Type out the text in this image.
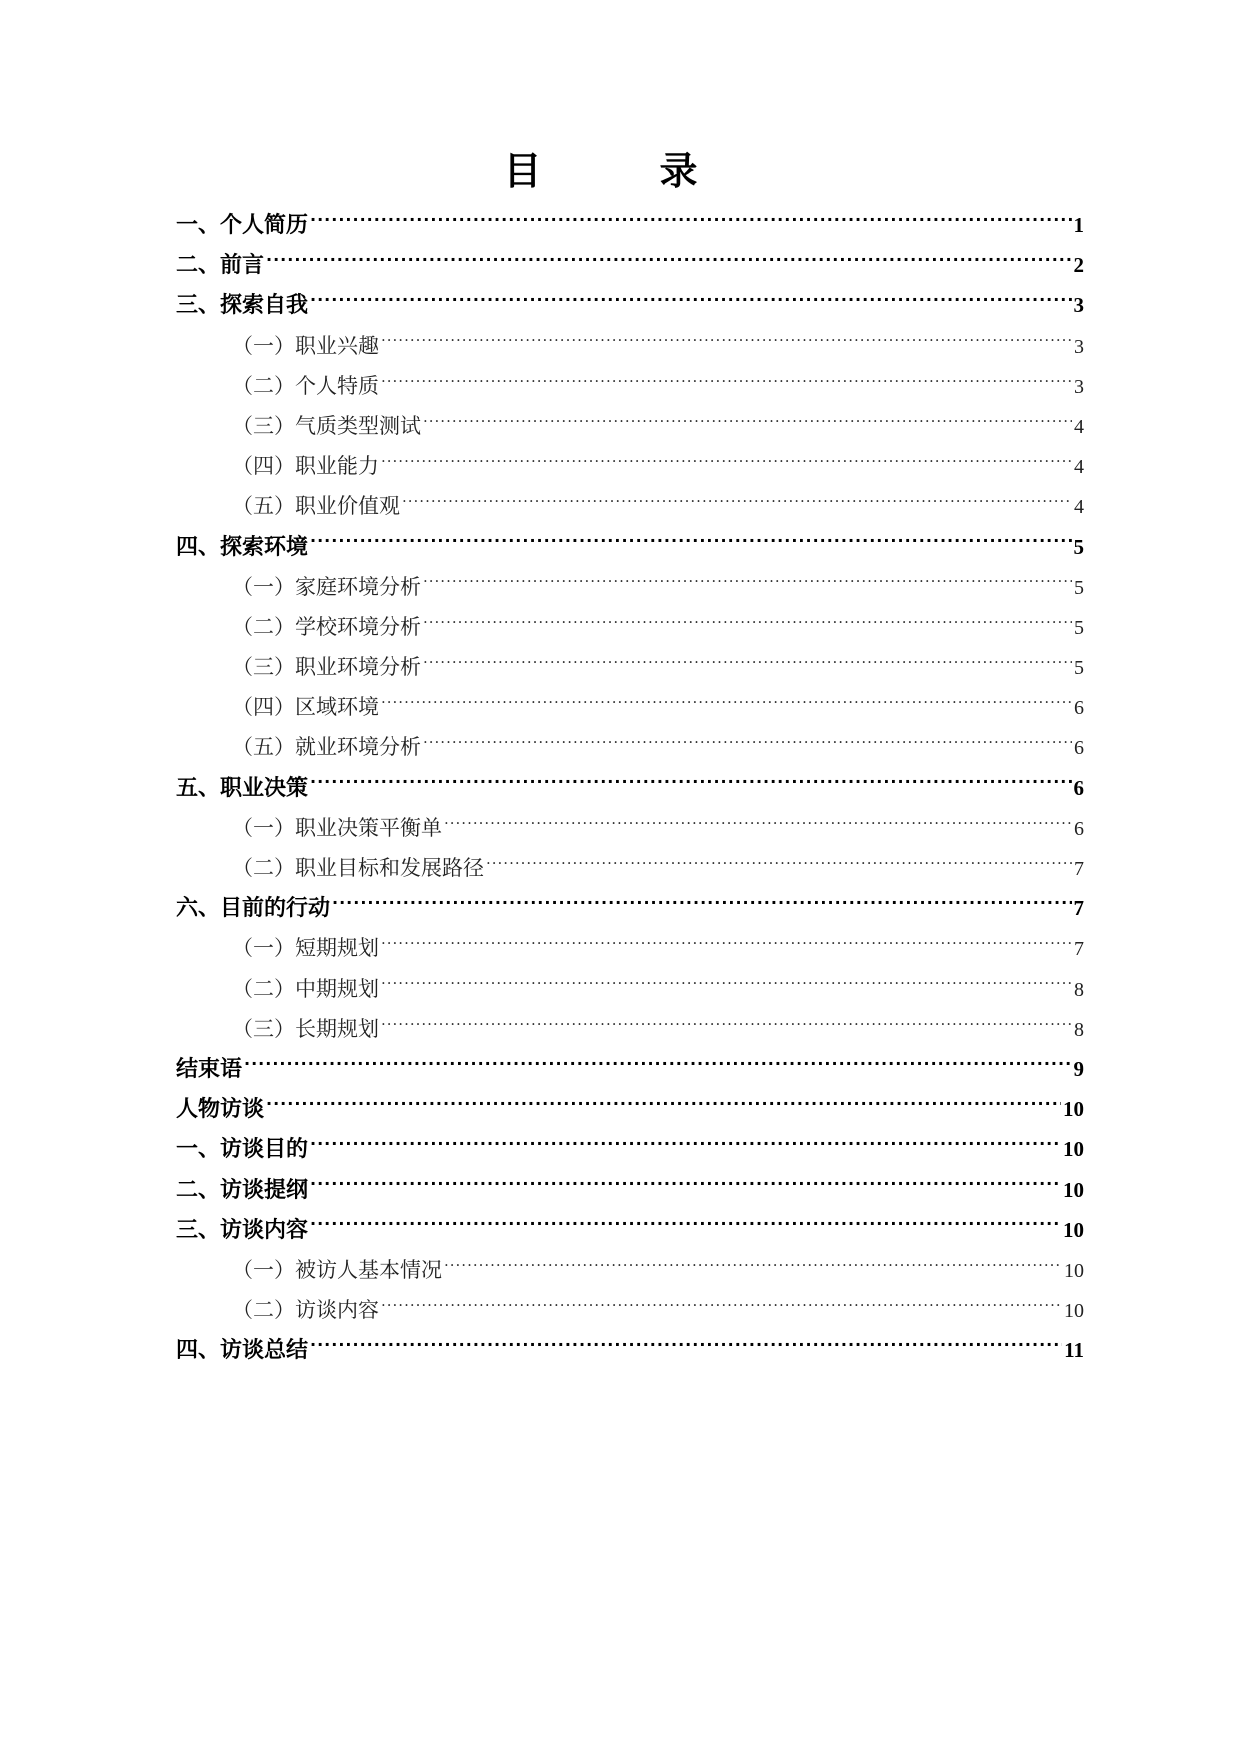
目　录
一、个人简历 .....	1
二、前言 .....	2
三、探索自我 .....	3
（一）职业兴趣 .....	3
（二）个人特质 .....	3
（三）气质类型测试 .....	4
（四）职业能力 .....	4
（五）职业价值观 .....	4
四、探索环境 .....	5
（一）家庭环境分析 .....	5
（二）学校环境分析 .....	5
（三）职业环境分析 .....	5
（四）区域环境 .....	6
（五）就业环境分析 .....	6
五、职业决策 .....	6
（一）职业决策平衡单 .....	6
（二）职业目标和发展路径 .....	7
六、目前的行动 .....	7
（一）短期规划 .....	7
（二）中期规划 .....	8
（三）长期规划 .....	8
结束语 .....	9
人物访谈 .....	10
一、访谈目的 .....	10
二、访谈提纲 .....	10
三、访谈内容 .....	10
（一）被访人基本情况 .....	10
（二）访谈内容 .....	10
四、访谈总结 .....	11
